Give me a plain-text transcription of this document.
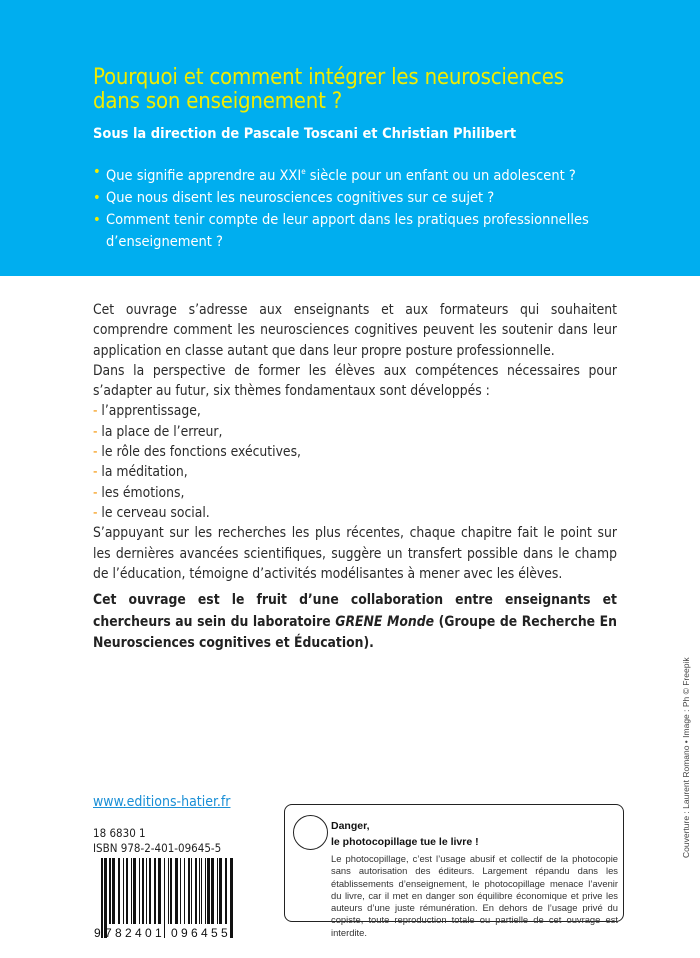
Pourquoi et comment intégrer les neurosciences dans son enseignement ?
Sous la direction de Pascale Toscani et Christian Philibert
• Que signifie apprendre au XXIe siècle pour un enfant ou un adolescent ?
• Que nous disent les neurosciences cognitives sur ce sujet ?
• Comment tenir compte de leur apport dans les pratiques professionnelles d’enseignement ?

Cet ouvrage s’adresse aux enseignants et aux formateurs qui souhaitent comprendre comment les neurosciences cognitives peuvent les soutenir dans leur application en classe autant que dans leur propre posture professionnelle.

Dans la perspective de former les élèves aux compétences nécessaires pour s’adapter au futur, six thèmes fondamentaux sont développés :

- l’apprentissage,
- la place de l’erreur,
- le rôle des fonctions exécutives,
- la méditation,
- les émotions,
- le cerveau social.

S’appuyant sur les recherches les plus récentes, chaque chapitre fait le point sur les dernières avancées scientifiques, suggère un transfert possible dans le champ de l’éducation, témoigne d’activités modélisantes à mener avec les élèves.

Cet ouvrage est le fruit d’une collaboration entre enseignants et chercheurs au sein du laboratoire GRENE Monde (Groupe de Recherche En Neurosciences cognitives et Éducation).
www.editions-hatier.fr
18 6830 1
ISBN 978-2-401-09645-5
9 7 8 2 4 0 1 0 9 6 4 5 5
Danger,
le photocopillage tue le livre !
Le photocopillage, c’est l’usage abusif et collectif de la photocopie sans autorisation des éditeurs. Largement répandu dans les établissements d’enseignement, le photocopillage menace l’avenir du livre, car il met en danger son équilibre économique et prive les auteurs d’une juste rémunération. En dehors de l’usage privé du copiste, toute reproduction totale ou partielle de cet ouvrage est interdite.
Couverture : Laurent Romano • Image : Ph © Freepik
